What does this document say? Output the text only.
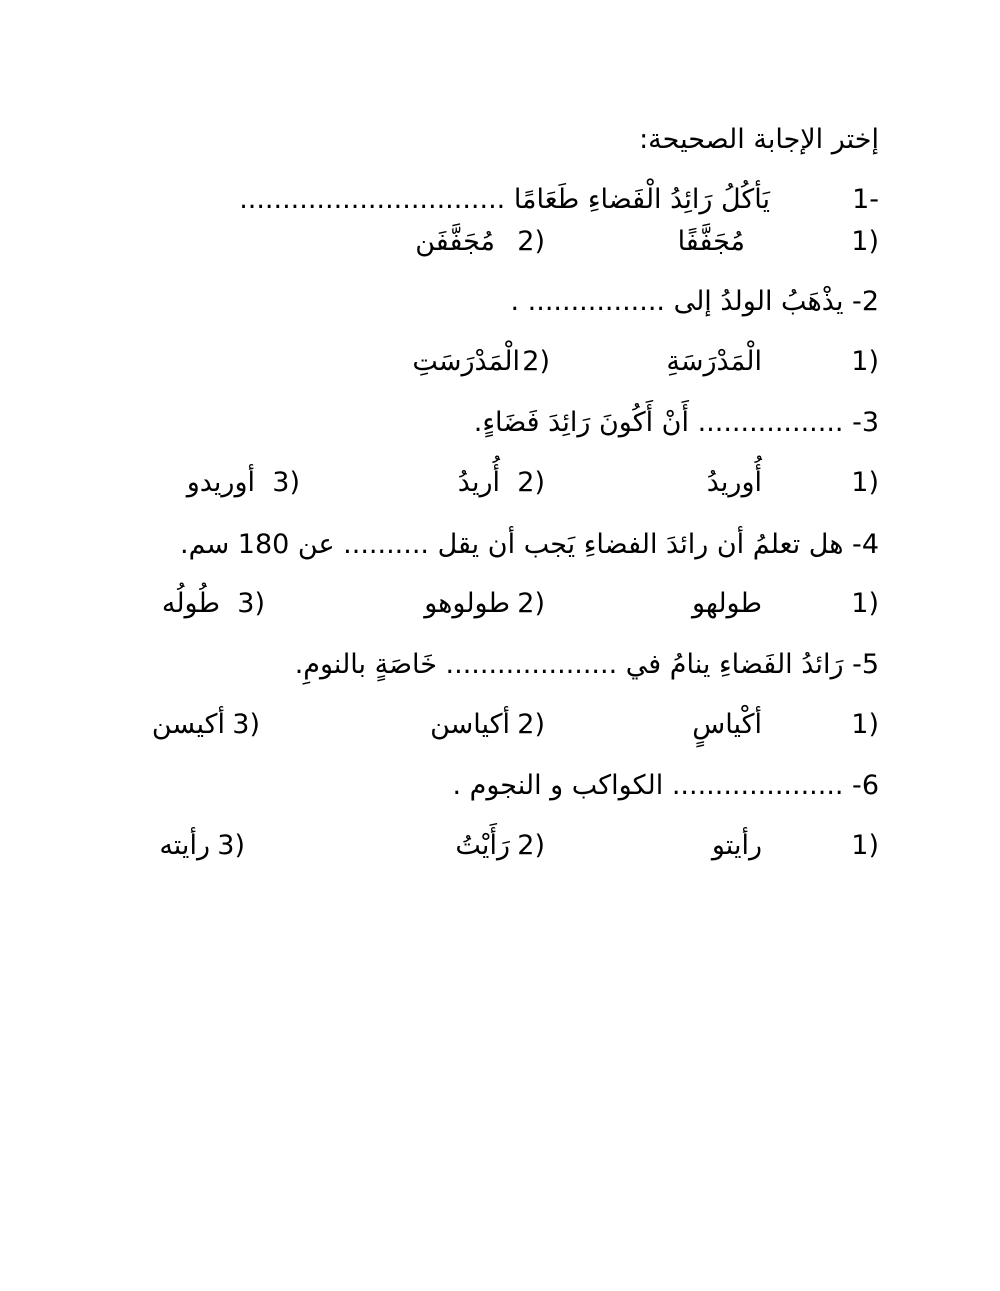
إختر الإجابة الصحيحة:
1-
يَأكُلُ رَائِدُ الْفَضاءِ طَعَامًا ...............................
1)
مُجَفَّفًا
2)
مُجَفَّفَن
2- يذْهَبُ الولدُ إلى ................ .
1)
الْمَدْرَسَةِ
2)
الْمَدْرَسَتِ
3- ................. أَنْ أَكُونَ رَائِدَ فَضَاءٍ.
1)
أُوريدُ
2)
أُريدُ
3)
أوريدو
4- هل تعلمُ أن رائدَ الفضاءِ يَجب أن يقل .......... عن 180 سم.
1)
طولهو
2)
طولوهو
3)
طُولُه
5- رَائدُ الفَضاءِ ينامُ في .................... خَاصَةٍ بالنومِ.
1)
أكْياسٍ
2)
أكياسن
3)
أكيسن
6- .................... الكواكب و النجوم .
1)
رأيتو
2)
رَأَيْتُ
3)
رأيته
